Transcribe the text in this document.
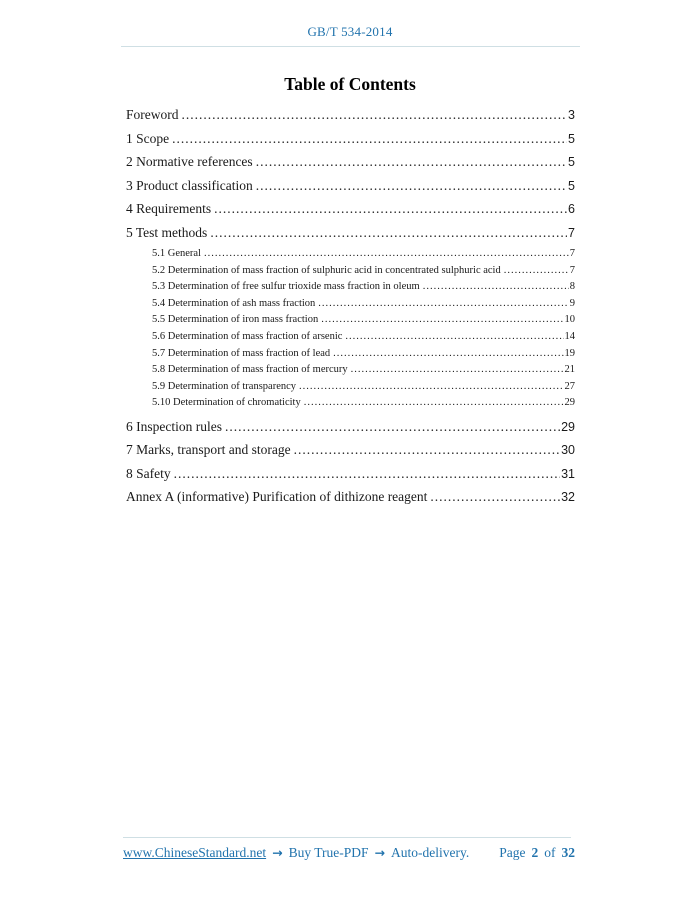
GB/T 534-2014
Table of Contents
Foreword .....	3
1 Scope .....	5
2 Normative references .....	5
3 Product classification .....	5
4 Requirements .....	6
5 Test methods .....	7
5.1 General .....	7
5.2 Determination of mass fraction of sulphuric acid in concentrated sulphuric acid .....	7
5.3 Determination of free sulfur trioxide mass fraction in oleum .....	8
5.4 Determination of ash mass fraction .....	9
5.5 Determination of iron mass fraction .....	10
5.6 Determination of mass fraction of arsenic .....	14
5.7 Determination of mass fraction of lead .....	19
5.8 Determination of mass fraction of mercury .....	21
5.9 Determination of transparency .....	27
5.10 Determination of chromaticity .....	29
6 Inspection rules .....	29
7 Marks, transport and storage .....	30
8 Safety .....	31
Annex A (informative) Purification of dithizone reagent .....	32
www.ChineseStandard.net → Buy True-PDF → Auto-delivery. Page 2 of 32
